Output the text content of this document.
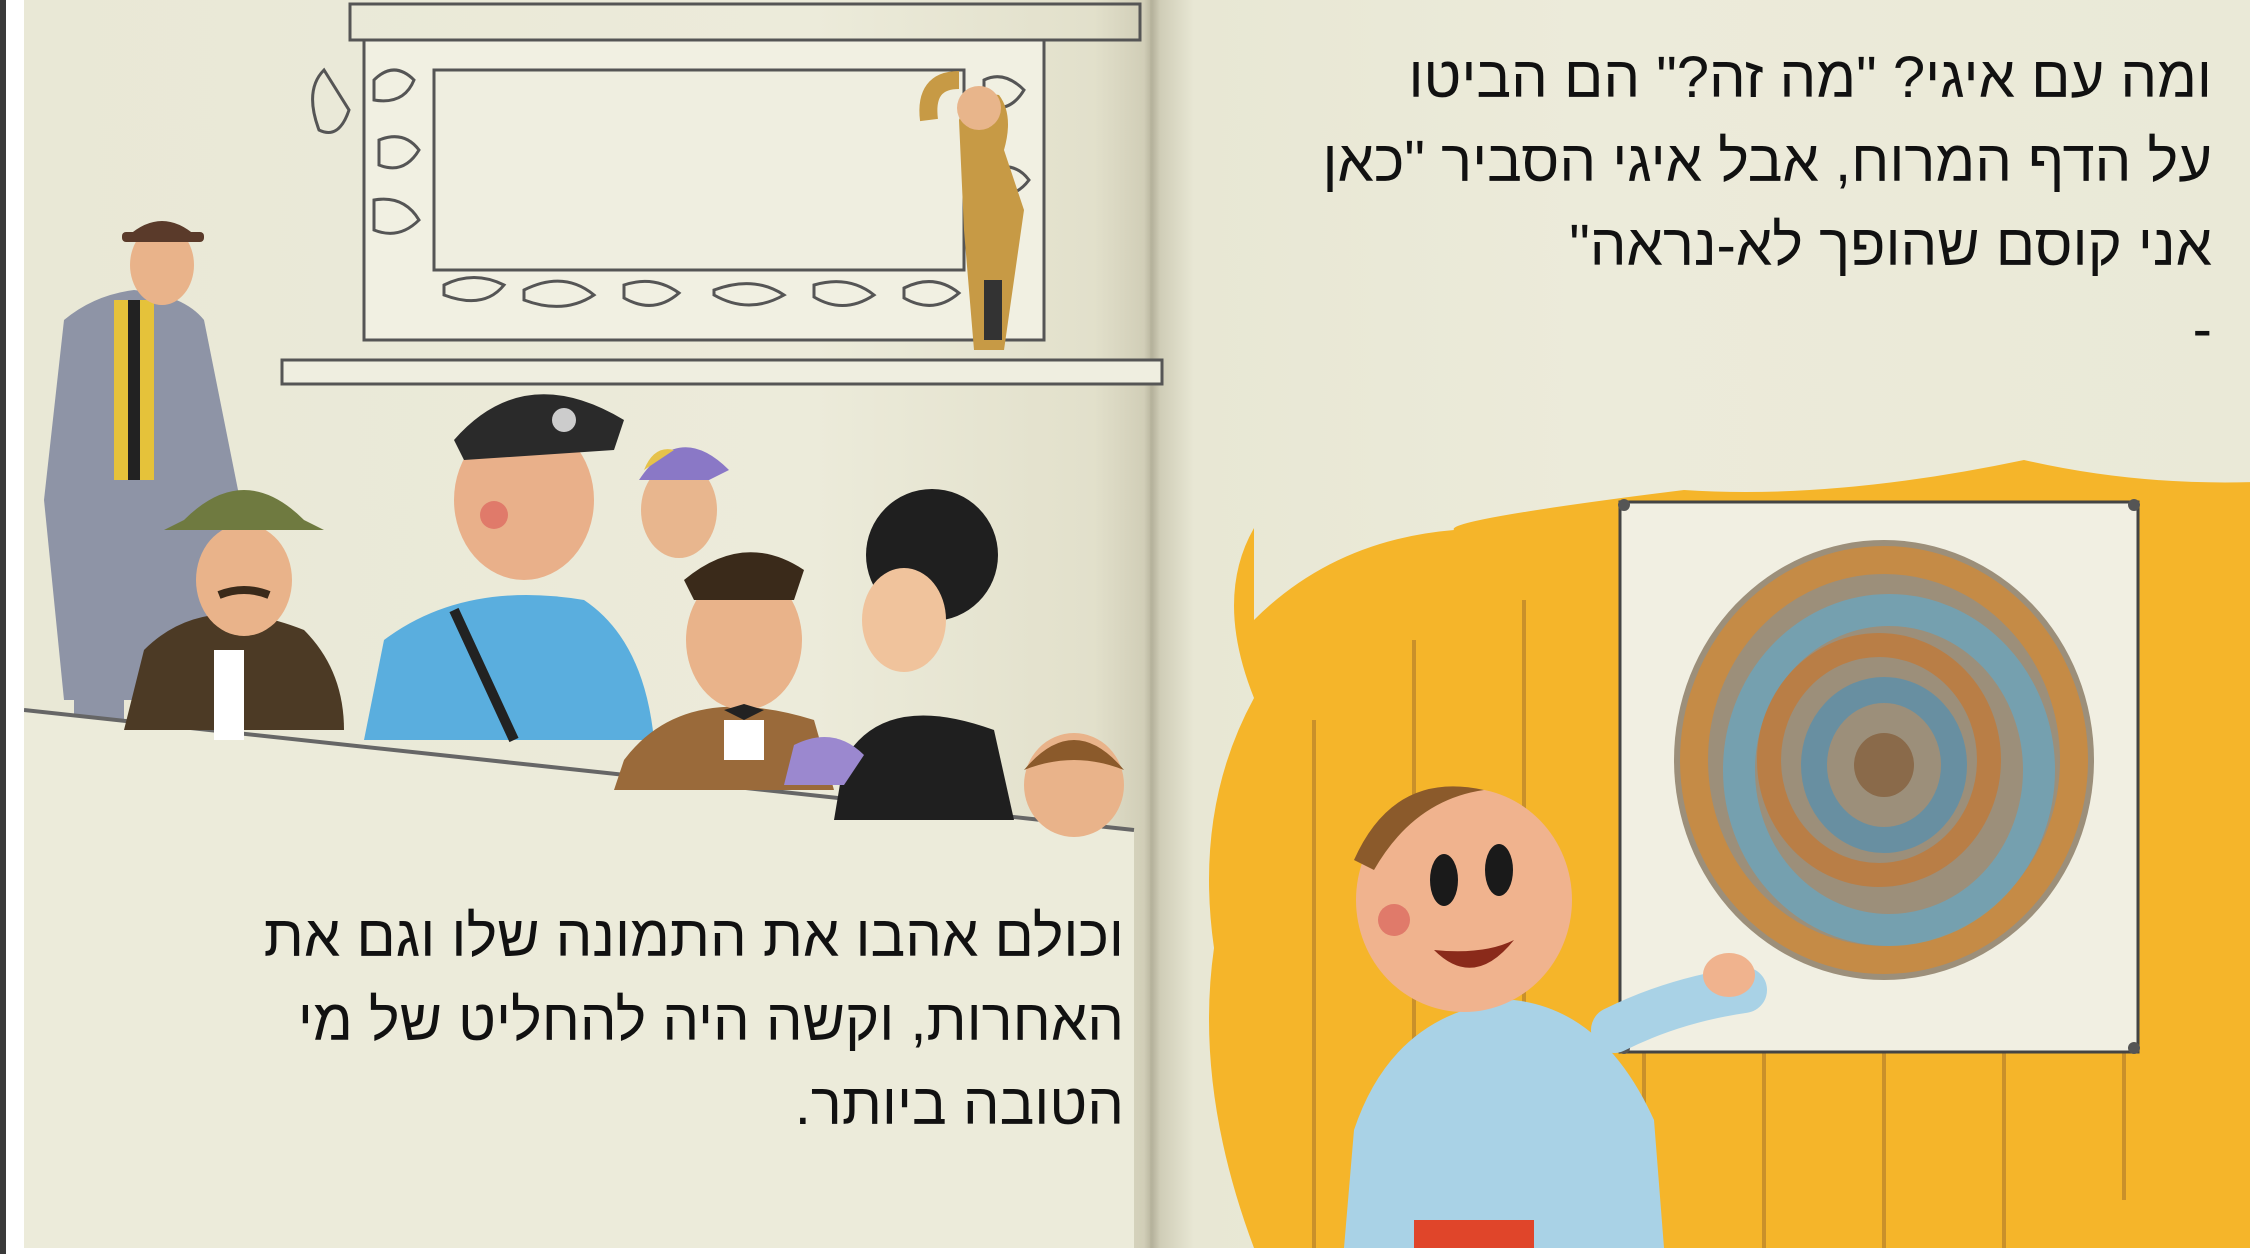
ומה עם איגי? "מה זה?" הם הביטו
על הדף המרוח, אבל איגי הסביר "כאן
אני קוסם שהופך לא-נראה"
-
וכולם אהבו את התמונה שלו וגם את
האחרות, וקשה היה להחליט של מי
הטובה ביותר.
